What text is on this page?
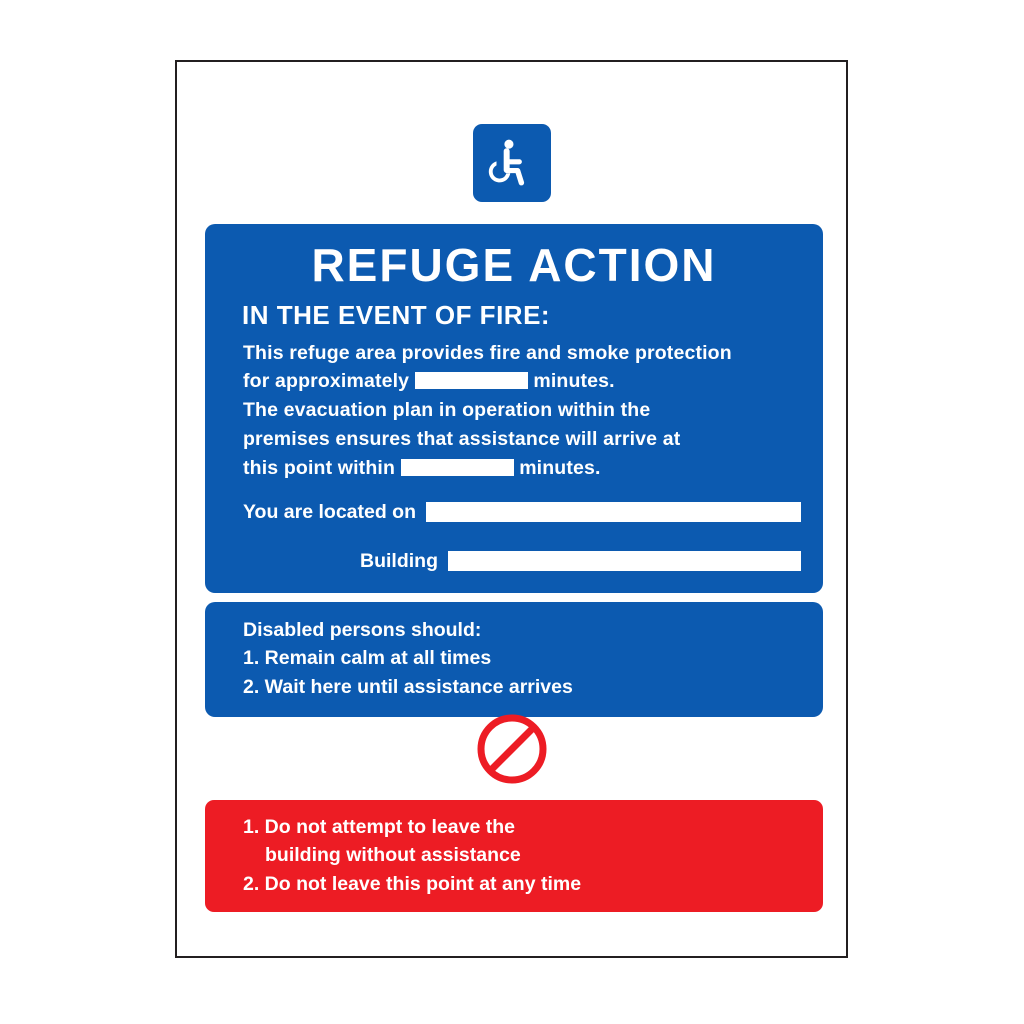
REFUGE ACTION
IN THE EVENT OF FIRE:

This refuge area provides fire and smoke protection

for approximately	minutes.

The evacuation plan in operation within the

premises ensures that assistance will arrive at

this point within	minutes.

You are located on
Building

Disabled persons should:

1. Remain calm at all times

2. Wait here until assistance arrives

1. Do not attempt to leave the

building without assistance

2. Do not leave this point at any time
